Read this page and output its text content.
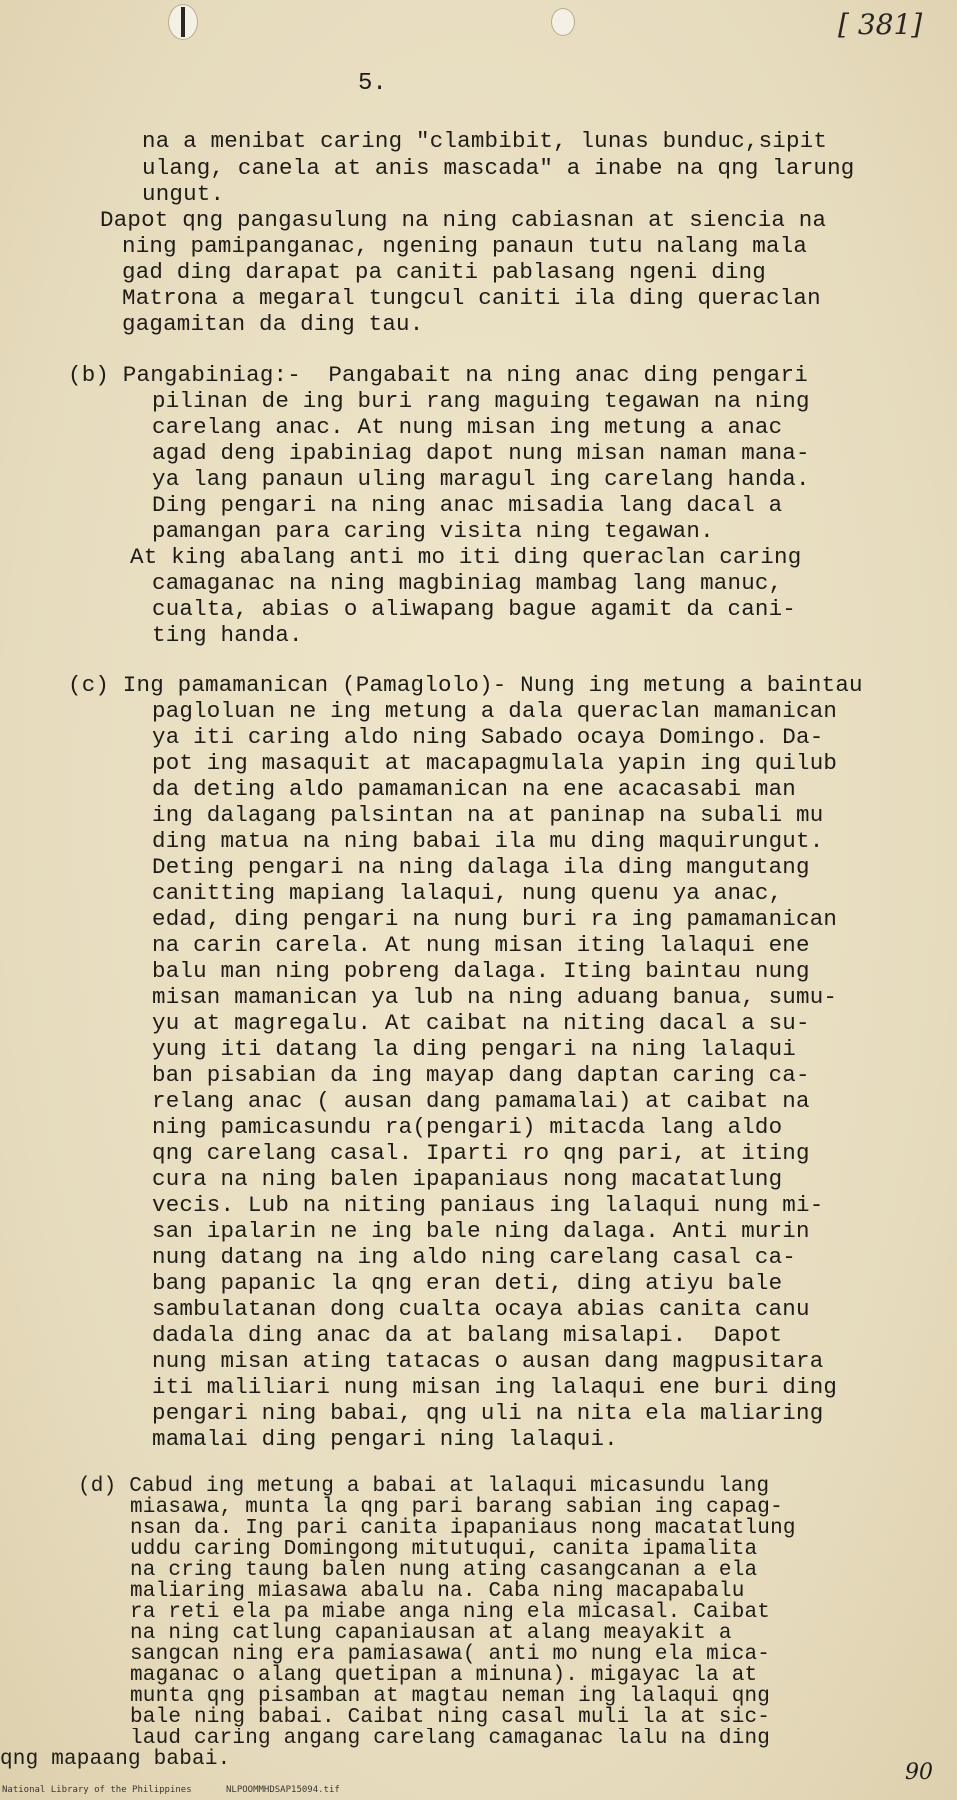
[ 381]
5.
na a menibat caring "clambibit, lunas bunduc,sipit
ulang, canela at anis mascada" a inabe na qng larung
ungut.
Dapot qng pangasulung na ning cabiasnan at siencia na
ning pamipanganac, ngening panaun tutu nalang mala
gad ding darapat pa caniti pablasang ngeni ding
Matrona a megaral tungcul caniti ila ding queraclan
gagamitan da ding tau.
(b) Pangabiniag:-  Pangabait na ning anac ding pengari
pilinan de ing buri rang maguing tegawan na ning
carelang anac. At nung misan ing metung a anac
agad deng ipabiniag dapot nung misan naman mana-
ya lang panaun uling maragul ing carelang handa.
Ding pengari na ning anac misadia lang dacal a
pamangan para caring visita ning tegawan.
At king abalang anti mo iti ding queraclan caring
camaganac na ning magbiniag mambag lang manuc,
cualta, abias o aliwapang bague agamit da cani-
ting handa.
(c) Ing pamamanican (Pamaglolo)- Nung ing metung a baintau
pagloluan ne ing metung a dala queraclan mamanican
ya iti caring aldo ning Sabado ocaya Domingo. Da-
pot ing masaquit at macapagmulala yapin ing quilub
da deting aldo pamamanican na ene acacasabi man
ing dalagang palsintan na at paninap na subali mu
ding matua na ning babai ila mu ding maquirungut.
Deting pengari na ning dalaga ila ding mangutang
canitting mapiang lalaqui, nung quenu ya anac,
edad, ding pengari na nung buri ra ing pamamanican
na carin carela. At nung misan iting lalaqui ene
balu man ning pobreng dalaga. Iting baintau nung
misan mamanican ya lub na ning aduang banua, sumu-
yu at magregalu. At caibat na niting dacal a su-
yung iti datang la ding pengari na ning lalaqui
ban pisabian da ing mayap dang daptan caring ca-
relang anac ( ausan dang pamamalai) at caibat na
ning pamicasundu ra(pengari) mitacda lang aldo
qng carelang casal. Iparti ro qng pari, at iting
cura na ning balen ipapaniaus nong macatatlung
vecis. Lub na niting paniaus ing lalaqui nung mi-
san ipalarin ne ing bale ning dalaga. Anti murin
nung datang na ing aldo ning carelang casal ca-
bang papanic la qng eran deti, ding atiyu bale
sambulatanan dong cualta ocaya abias canita canu
dadala ding anac da at balang misalapi.  Dapot
nung misan ating tatacas o ausan dang magpusitara
iti maliliari nung misan ing lalaqui ene buri ding
pengari ning babai, qng uli na nita ela maliaring
mamalai ding pengari ning lalaqui.
(d) Cabud ing metung a babai at lalaqui micasundu lang
miasawa, munta la qng pari barang sabian ing capag-
nsan da. Ing pari canita ipapaniaus nong macatatlung
uddu caring Domingong mitutuqui, canita ipamalita
na cring taung balen nung ating casangcanan a ela
maliaring miasawa abalu na. Caba ning macapabalu
ra reti ela pa miabe anga ning ela micasal. Caibat
na ning catlung capaniausan at alang meayakit a
sangcan ning era pamiasawa( anti mo nung ela mica-
maganac o alang quetipan a minuna). migayac la at
munta qng pisamban at magtau neman ing lalaqui qng
bale ning babai. Caibat ning casal muli la at sic-
laud caring angang carelang camaganac lalu na ding
qng mapaang babai.
90
National Library of the Philippines	NLPOOMMHDSAP15094.tif
